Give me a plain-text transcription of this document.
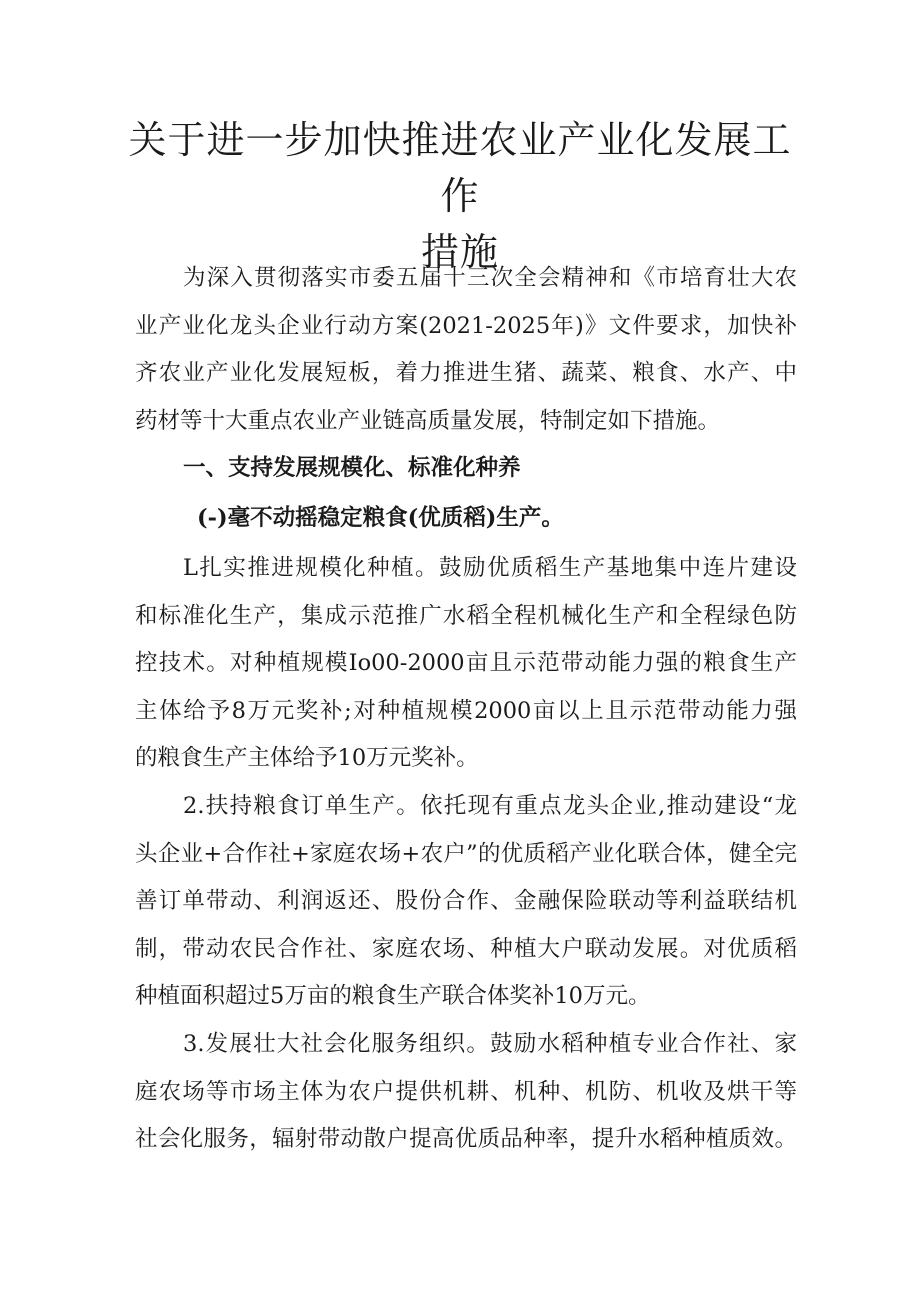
关于进一步加快推进农业产业化发展工作
措施
为深入贯彻落实市委五届十三次全会精神和《市培育壮大农
业产业化龙头企业行动方案(2021-2025年)》文件要求，加快补
齐农业产业化发展短板，着力推进生猪、蔬菜、粮食、水产、中
药材等十大重点农业产业链高质量发展，特制定如下措施。
一、支持发展规模化、标准化种养
(-)毫不动摇稳定粮食(优质稻)生产。
L扎实推进规模化种植。鼓励优质稻生产基地集中连片建设
和标准化生产，集成示范推广水稻全程机械化生产和全程绿色防
控技术。对种植规模Io00-2000亩且示范带动能力强的粮食生产
主体给予8万元奖补;对种植规模2000亩以上且示范带动能力强
的粮食生产主体给予10万元奖补。
2.扶持粮食订单生产。依托现有重点龙头企业,推动建设“龙
头企业+合作社+家庭农场+农户”的优质稻产业化联合体，健全完
善订单带动、利润返还、股份合作、金融保险联动等利益联结机
制，带动农民合作社、家庭农场、种植大户联动发展。对优质稻
种植面积超过5万亩的粮食生产联合体奖补10万元。
3.发展壮大社会化服务组织。鼓励水稻种植专业合作社、家
庭农场等市场主体为农户提供机耕、机种、机防、机收及烘干等
社会化服务，辐射带动散户提高优质品种率，提升水稻种植质效。
